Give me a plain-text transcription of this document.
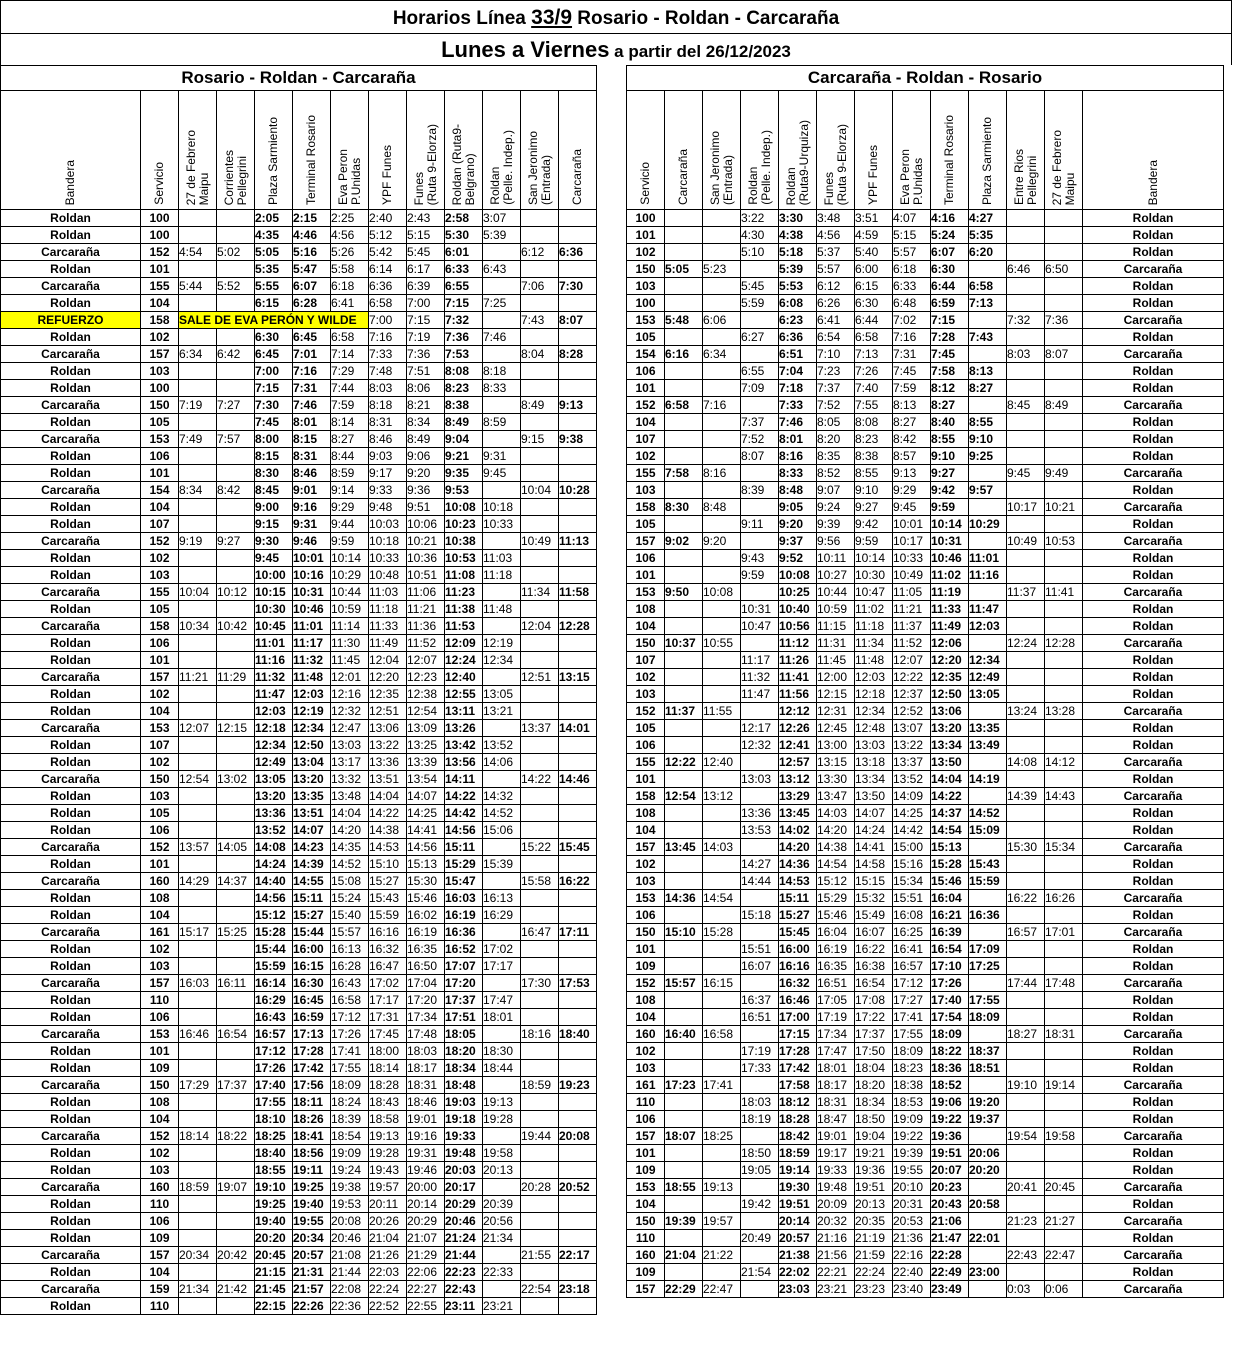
Horarios Línea 33/9 Rosario - Roldan - Carcaraña
Lunes a Viernes a partir del 26/12/2023
Rosario - Roldan - Carcaraña												
Bandera	Servicio	27 de Febrero
Maipu	Corrientes
Pellegrini	Plaza Sarmiento	Terminal Rosario	Eva Peron
P.Unidas	YPF Funes	Funes
(Ruta 9-Elorza)	Roldan (Ruta9-
Belgrano)	Roldan
(Pelle. Indep.)	San Jeronimo
(Entrada)	Carcaraña
Roldan	100			2:05	2:15	2:25	2:40	2:43	2:58	3:07		
Roldan	100			4:35	4:46	4:56	5:12	5:15	5:30	5:39		
Carcaraña	152	4:54	5:02	5:05	5:16	5:26	5:42	5:45	6:01		6:12	6:36
Roldan	101			5:35	5:47	5:58	6:14	6:17	6:33	6:43		
Carcaraña	155	5:44	5:52	5:55	6:07	6:18	6:36	6:39	6:55		7:06	7:30
Roldan	104			6:15	6:28	6:41	6:58	7:00	7:15	7:25		
REFUERZO	158	SALE DE EVA PERÓN Y WILDE					7:00	7:15	7:32		7:43	8:07
Roldan	102			6:30	6:45	6:58	7:16	7:19	7:36	7:46		
Carcaraña	157	6:34	6:42	6:45	7:01	7:14	7:33	7:36	7:53		8:04	8:28
Roldan	103			7:00	7:16	7:29	7:48	7:51	8:08	8:18		
Roldan	100			7:15	7:31	7:44	8:03	8:06	8:23	8:33		
Carcaraña	150	7:19	7:27	7:30	7:46	7:59	8:18	8:21	8:38		8:49	9:13
Roldan	105			7:45	8:01	8:14	8:31	8:34	8:49	8:59		
Carcaraña	153	7:49	7:57	8:00	8:15	8:27	8:46	8:49	9:04		9:15	9:38
Roldan	106			8:15	8:31	8:44	9:03	9:06	9:21	9:31		
Roldan	101			8:30	8:46	8:59	9:17	9:20	9:35	9:45		
Carcaraña	154	8:34	8:42	8:45	9:01	9:14	9:33	9:36	9:53		10:04	10:28
Roldan	104			9:00	9:16	9:29	9:48	9:51	10:08	10:18		
Roldan	107			9:15	9:31	9:44	10:03	10:06	10:23	10:33		
Carcaraña	152	9:19	9:27	9:30	9:46	9:59	10:18	10:21	10:38		10:49	11:13
Roldan	102			9:45	10:01	10:14	10:33	10:36	10:53	11:03		
Roldan	103			10:00	10:16	10:29	10:48	10:51	11:08	11:18		
Carcaraña	155	10:04	10:12	10:15	10:31	10:44	11:03	11:06	11:23		11:34	11:58
Roldan	105			10:30	10:46	10:59	11:18	11:21	11:38	11:48		
Carcaraña	158	10:34	10:42	10:45	11:01	11:14	11:33	11:36	11:53		12:04	12:28
Roldan	106			11:01	11:17	11:30	11:49	11:52	12:09	12:19		
Roldan	101			11:16	11:32	11:45	12:04	12:07	12:24	12:34		
Carcaraña	157	11:21	11:29	11:32	11:48	12:01	12:20	12:23	12:40		12:51	13:15
Roldan	102			11:47	12:03	12:16	12:35	12:38	12:55	13:05		
Roldan	104			12:03	12:19	12:32	12:51	12:54	13:11	13:21		
Carcaraña	153	12:07	12:15	12:18	12:34	12:47	13:06	13:09	13:26		13:37	14:01
Roldan	107			12:34	12:50	13:03	13:22	13:25	13:42	13:52		
Roldan	102			12:49	13:04	13:17	13:36	13:39	13:56	14:06		
Carcaraña	150	12:54	13:02	13:05	13:20	13:32	13:51	13:54	14:11		14:22	14:46
Roldan	103			13:20	13:35	13:48	14:04	14:07	14:22	14:32		
Roldan	105			13:36	13:51	14:04	14:22	14:25	14:42	14:52		
Roldan	106			13:52	14:07	14:20	14:38	14:41	14:56	15:06		
Carcaraña	152	13:57	14:05	14:08	14:23	14:35	14:53	14:56	15:11		15:22	15:45
Roldan	101			14:24	14:39	14:52	15:10	15:13	15:29	15:39		
Carcaraña	160	14:29	14:37	14:40	14:55	15:08	15:27	15:30	15:47		15:58	16:22
Roldan	108			14:56	15:11	15:24	15:43	15:46	16:03	16:13		
Roldan	104			15:12	15:27	15:40	15:59	16:02	16:19	16:29		
Carcaraña	161	15:17	15:25	15:28	15:44	15:57	16:16	16:19	16:36		16:47	17:11
Roldan	102			15:44	16:00	16:13	16:32	16:35	16:52	17:02		
Roldan	103			15:59	16:15	16:28	16:47	16:50	17:07	17:17		
Carcaraña	157	16:03	16:11	16:14	16:30	16:43	17:02	17:04	17:20		17:30	17:53
Roldan	110			16:29	16:45	16:58	17:17	17:20	17:37	17:47		
Roldan	106			16:43	16:59	17:12	17:31	17:34	17:51	18:01		
Carcaraña	153	16:46	16:54	16:57	17:13	17:26	17:45	17:48	18:05		18:16	18:40
Roldan	101			17:12	17:28	17:41	18:00	18:03	18:20	18:30		
Roldan	109			17:26	17:42	17:55	18:14	18:17	18:34	18:44		
Carcaraña	150	17:29	17:37	17:40	17:56	18:09	18:28	18:31	18:48		18:59	19:23
Roldan	108			17:55	18:11	18:24	18:43	18:46	19:03	19:13		
Roldan	104			18:10	18:26	18:39	18:58	19:01	19:18	19:28		
Carcaraña	152	18:14	18:22	18:25	18:41	18:54	19:13	19:16	19:33		19:44	20:08
Roldan	102			18:40	18:56	19:09	19:28	19:31	19:48	19:58		
Roldan	103			18:55	19:11	19:24	19:43	19:46	20:03	20:13		
Carcaraña	160	18:59	19:07	19:10	19:25	19:38	19:57	20:00	20:17		20:28	20:52
Roldan	110			19:25	19:40	19:53	20:11	20:14	20:29	20:39		
Roldan	106			19:40	19:55	20:08	20:26	20:29	20:46	20:56		
Roldan	109			20:20	20:34	20:46	21:04	21:07	21:24	21:34		
Carcaraña	157	20:34	20:42	20:45	20:57	21:08	21:26	21:29	21:44		21:55	22:17
Roldan	104			21:15	21:31	21:44	22:03	22:06	22:23	22:33		
Carcaraña	159	21:34	21:42	21:45	21:57	22:08	22:24	22:27	22:43		22:54	23:18
Roldan	110			22:15	22:26	22:36	22:52	22:55	23:11	23:21		
Carcaraña - Roldan - Rosario												
Servicio	Carcaraña	San Jeronimo
(Entrada)	Roldan
(Pelle. Indep.)	Roldan
(Ruta9-Urquiza)	Funes
(Ruta 9-Elorza)	YPF Funes	Eva Peron
P.Unidas	Terminal Rosario	Plaza Sarmiento	Entre Rios
Pellegrini	27 de Febrero
Maipu	Bandera
100			3:22	3:30	3:48	3:51	4:07	4:16	4:27			Roldan
101			4:30	4:38	4:56	4:59	5:15	5:24	5:35			Roldan
102			5:10	5:18	5:37	5:40	5:57	6:07	6:20			Roldan
150	5:05	5:23		5:39	5:57	6:00	6:18	6:30		6:46	6:50	Carcaraña
103			5:45	5:53	6:12	6:15	6:33	6:44	6:58			Roldan
100			5:59	6:08	6:26	6:30	6:48	6:59	7:13			Roldan
153	5:48	6:06		6:23	6:41	6:44	7:02	7:15		7:32	7:36	Carcaraña
105			6:27	6:36	6:54	6:58	7:16	7:28	7:43			Roldan
154	6:16	6:34		6:51	7:10	7:13	7:31	7:45		8:03	8:07	Carcaraña
106			6:55	7:04	7:23	7:26	7:45	7:58	8:13			Roldan
101			7:09	7:18	7:37	7:40	7:59	8:12	8:27			Roldan
152	6:58	7:16		7:33	7:52	7:55	8:13	8:27		8:45	8:49	Carcaraña
104			7:37	7:46	8:05	8:08	8:27	8:40	8:55			Roldan
107			7:52	8:01	8:20	8:23	8:42	8:55	9:10			Roldan
102			8:07	8:16	8:35	8:38	8:57	9:10	9:25			Roldan
155	7:58	8:16		8:33	8:52	8:55	9:13	9:27		9:45	9:49	Carcaraña
103			8:39	8:48	9:07	9:10	9:29	9:42	9:57			Roldan
158	8:30	8:48		9:05	9:24	9:27	9:45	9:59		10:17	10:21	Carcaraña
105			9:11	9:20	9:39	9:42	10:01	10:14	10:29			Roldan
157	9:02	9:20		9:37	9:56	9:59	10:17	10:31		10:49	10:53	Carcaraña
106			9:43	9:52	10:11	10:14	10:33	10:46	11:01			Roldan
101			9:59	10:08	10:27	10:30	10:49	11:02	11:16			Roldan
153	9:50	10:08		10:25	10:44	10:47	11:05	11:19		11:37	11:41	Carcaraña
108			10:31	10:40	10:59	11:02	11:21	11:33	11:47			Roldan
104			10:47	10:56	11:15	11:18	11:37	11:49	12:03			Roldan
150	10:37	10:55		11:12	11:31	11:34	11:52	12:06		12:24	12:28	Carcaraña
107			11:17	11:26	11:45	11:48	12:07	12:20	12:34			Roldan
102			11:32	11:41	12:00	12:03	12:22	12:35	12:49			Roldan
103			11:47	11:56	12:15	12:18	12:37	12:50	13:05			Roldan
152	11:37	11:55		12:12	12:31	12:34	12:52	13:06		13:24	13:28	Carcaraña
105			12:17	12:26	12:45	12:48	13:07	13:20	13:35			Roldan
106			12:32	12:41	13:00	13:03	13:22	13:34	13:49			Roldan
155	12:22	12:40		12:57	13:15	13:18	13:37	13:50		14:08	14:12	Carcaraña
101			13:03	13:12	13:30	13:34	13:52	14:04	14:19			Roldan
158	12:54	13:12		13:29	13:47	13:50	14:09	14:22		14:39	14:43	Carcaraña
108			13:36	13:45	14:03	14:07	14:25	14:37	14:52			Roldan
104			13:53	14:02	14:20	14:24	14:42	14:54	15:09			Roldan
157	13:45	14:03		14:20	14:38	14:41	15:00	15:13		15:30	15:34	Carcaraña
102			14:27	14:36	14:54	14:58	15:16	15:28	15:43			Roldan
103			14:44	14:53	15:12	15:15	15:34	15:46	15:59			Roldan
153	14:36	14:54		15:11	15:29	15:32	15:51	16:04		16:22	16:26	Carcaraña
106			15:18	15:27	15:46	15:49	16:08	16:21	16:36			Roldan
150	15:10	15:28		15:45	16:04	16:07	16:25	16:39		16:57	17:01	Carcaraña
101			15:51	16:00	16:19	16:22	16:41	16:54	17:09			Roldan
109			16:07	16:16	16:35	16:38	16:57	17:10	17:25			Roldan
152	15:57	16:15		16:32	16:51	16:54	17:12	17:26		17:44	17:48	Carcaraña
108			16:37	16:46	17:05	17:08	17:27	17:40	17:55			Roldan
104			16:51	17:00	17:19	17:22	17:41	17:54	18:09			Roldan
160	16:40	16:58		17:15	17:34	17:37	17:55	18:09		18:27	18:31	Carcaraña
102			17:19	17:28	17:47	17:50	18:09	18:22	18:37			Roldan
103			17:33	17:42	18:01	18:04	18:23	18:36	18:51			Roldan
161	17:23	17:41		17:58	18:17	18:20	18:38	18:52		19:10	19:14	Carcaraña
110			18:03	18:12	18:31	18:34	18:53	19:06	19:20			Roldan
106			18:19	18:28	18:47	18:50	19:09	19:22	19:37			Roldan
157	18:07	18:25		18:42	19:01	19:04	19:22	19:36		19:54	19:58	Carcaraña
101			18:50	18:59	19:17	19:21	19:39	19:51	20:06			Roldan
109			19:05	19:14	19:33	19:36	19:55	20:07	20:20			Roldan
153	18:55	19:13		19:30	19:48	19:51	20:10	20:23		20:41	20:45	Carcaraña
104			19:42	19:51	20:09	20:13	20:31	20:43	20:58			Roldan
150	19:39	19:57		20:14	20:32	20:35	20:53	21:06		21:23	21:27	Carcaraña
110			20:49	20:57	21:16	21:19	21:36	21:47	22:01			Roldan
160	21:04	21:22		21:38	21:56	21:59	22:16	22:28		22:43	22:47	Carcaraña
109			21:54	22:02	22:21	22:24	22:40	22:49	23:00			Roldan
157	22:29	22:47		23:03	23:21	23:23	23:40	23:49		0:03	0:06	Carcaraña
